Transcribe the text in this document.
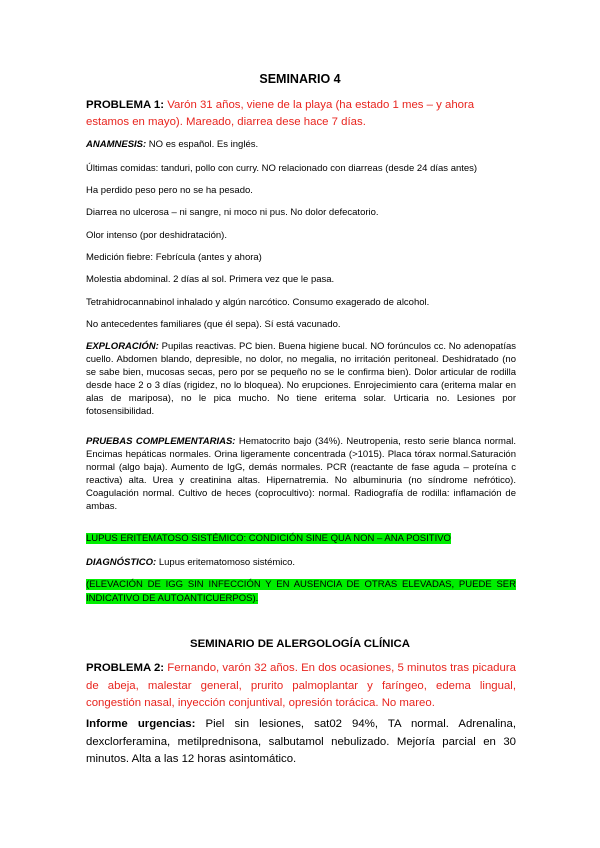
SEMINARIO 4

PROBLEMA 1: Varón 31 años, viene de la playa (ha estado 1 mes – y ahora estamos en mayo). Mareado, diarrea dese hace 7 días.

ANAMNESIS: NO es español. Es inglés.

Últimas comidas: tanduri, pollo con curry. NO relacionado con diarreas (desde 24 días antes)

Ha perdido peso pero no se ha pesado.

Diarrea no ulcerosa – ni sangre, ni moco ni pus. No dolor defecatorio.

Olor intenso (por deshidratación).

Medición fiebre: Febrícula (antes y ahora)

Molestia abdominal. 2 días al sol. Primera vez que le pasa.

Tetrahidrocannabinol inhalado y algún narcótico. Consumo exagerado de alcohol.

No antecedentes familiares (que él sepa). Sí está vacunado.

EXPLORACIÓN: Pupilas reactivas. PC bien. Buena higiene bucal. NO forúnculos cc. No adenopatías cuello. Abdomen blando, depresible, no dolor, no megalia, no irritación peritoneal. Deshidratado (no se sabe bien, mucosas secas, pero por se pequeño no se le confirma bien). Dolor articular de rodilla desde hace 2 o 3 días (rigidez, no lo bloquea). No erupciones. Enrojecimiento cara (eritema malar en alas de mariposa), no le pica mucho. No tiene eritema solar. Urticaria no. Lesiones por fotosensibilidad.

PRUEBAS COMPLEMENTARIAS: Hematocrito bajo (34%). Neutropenia, resto serie blanca normal. Encimas hepáticas normales. Orina ligeramente concentrada (>1015). Placa tórax normal.Saturación normal (algo baja). Aumento de IgG, demás normales. PCR (reactante de fase aguda – proteína c reactiva) alta. Urea y creatinina altas. Hipernatremia. No albuminuria (no síndrome nefrótico). Coagulación normal. Cultivo de heces (coprocultivo): normal. Radiografía de rodilla: inflamación de ambas.

LUPUS ERITEMATOSO SISTÉMICO: CONDICIÓN SINE QUA NON – ANA POSITIVO

DIAGNÓSTICO: Lupus eritematomoso sistémico.

(ELEVACIÓN DE IGG SIN INFECCIÓN Y EN AUSENCIA DE OTRAS ELEVADAS, PUEDE SER INDICATIVO DE AUTOANTICUERPOS).

SEMINARIO DE ALERGOLOGÍA CLÍNICA

PROBLEMA 2: Fernando, varón 32 años. En dos ocasiones, 5 minutos tras picadura de abeja, malestar general, prurito palmoplantar y faríngeo, edema lingual, congestión nasal, inyección conjuntival, opresión torácica. No mareo.

Informe urgencias: Piel sin lesiones, sat02 94%, TA normal. Adrenalina, dexclorferamina, metilprednisona, salbutamol nebulizado. Mejoría parcial en 30 minutos. Alta a las 12 horas asintomático.
